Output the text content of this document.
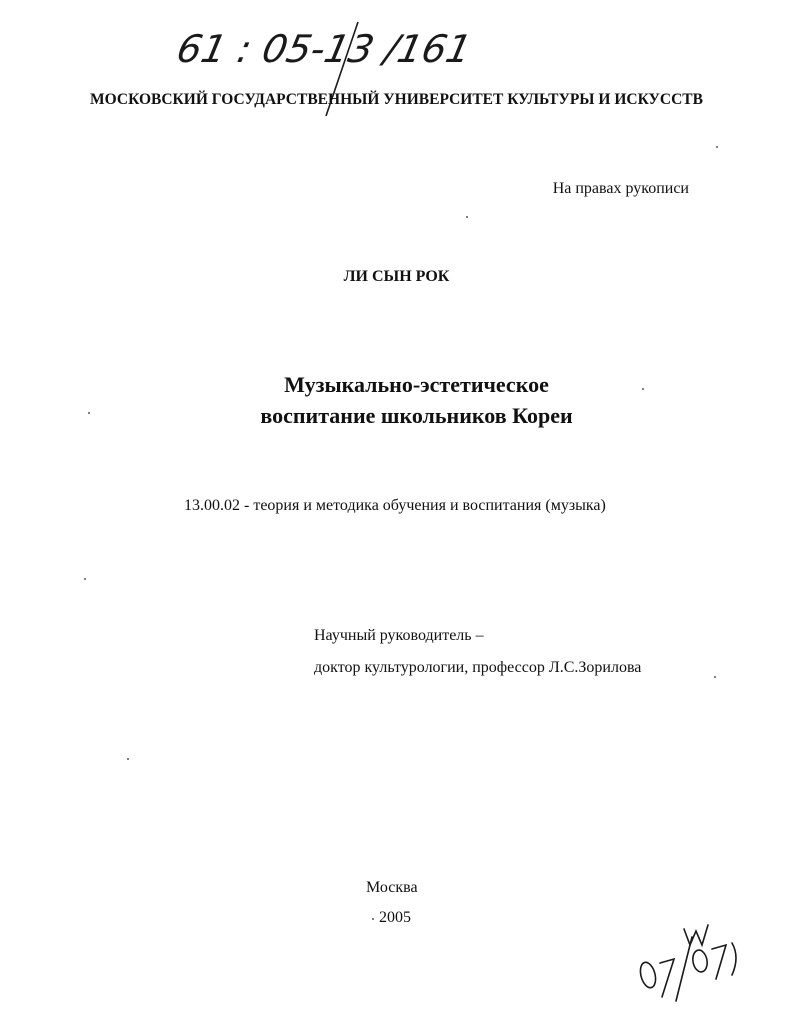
61 : 05-13 /1616
МОСКОВСКИЙ ГОСУДАРСТВЕННЫЙ УНИВЕРСИТЕТ КУЛЬТУРЫ И ИСКУССТВ
На правах рукописи
ЛИ СЫН РОК
Музыкально-эстетическое
воспитание школьников Кореи
13.00.02 - теория и методика обучения и воспитания (музыка)
Научный руководитель –
доктор культурологии, профессор Л.С.Зорилова
Москва
2005
